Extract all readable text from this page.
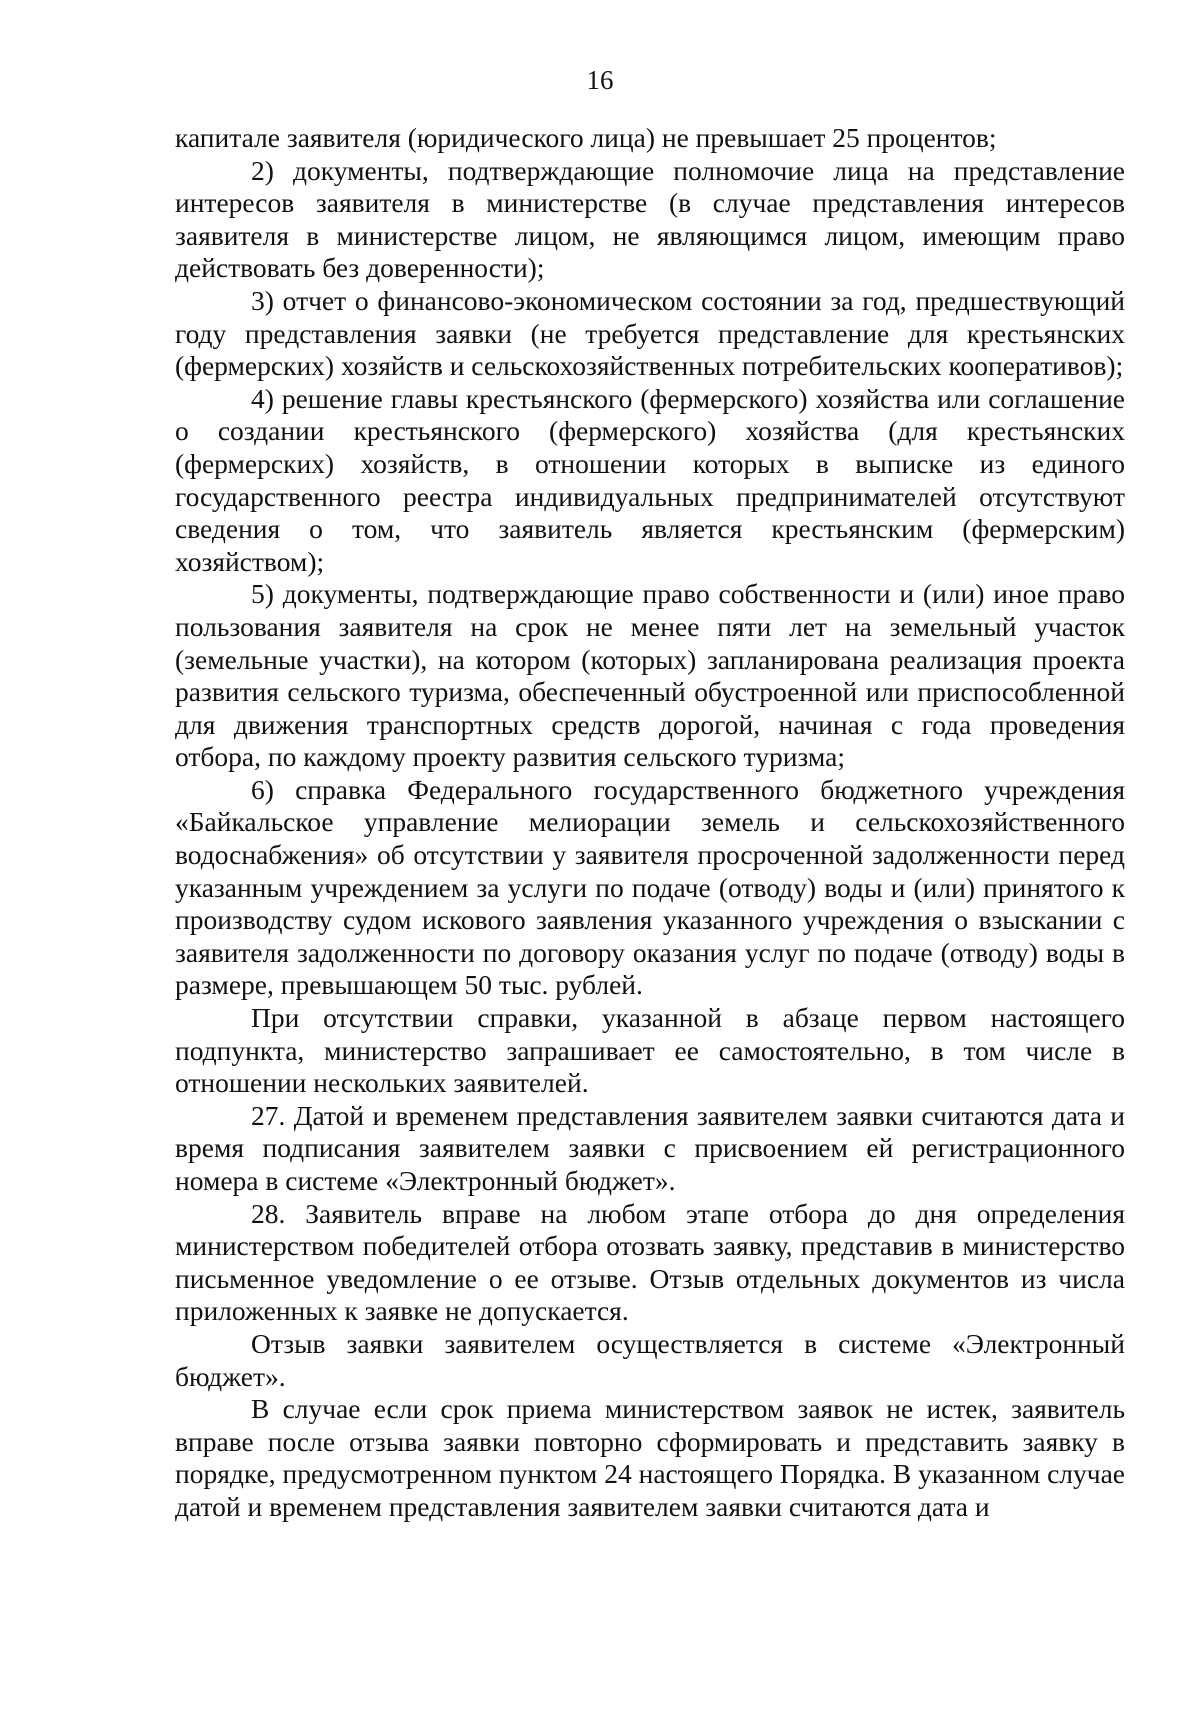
16

капитале заявителя (юридического лица) не превышает 25 процентов;

2) документы, подтверждающие полномочие лица на представление интересов заявителя в министерстве (в случае представления интересов заявителя в министерстве лицом, не являющимся лицом, имеющим право действовать без доверенности);

3) отчет о финансово-экономическом состоянии за год, предшествующий году представления заявки (не требуется представление для крестьянских (фермерских) хозяйств и сельскохозяйственных потребительских кооперативов);

4) решение главы крестьянского (фермерского) хозяйства или соглашение о создании крестьянского (фермерского) хозяйства (для крестьянских (фермерских) хозяйств, в отношении которых в выписке из единого государственного реестра индивидуальных предпринимателей отсутствуют сведения о том, что заявитель является крестьянским (фермерским) хозяйством);

5) документы, подтверждающие право собственности и (или) иное право пользования заявителя на срок не менее пяти лет на земельный участок (земельные участки), на котором (которых) запланирована реализация проекта развития сельского туризма, обеспеченный обустроенной или приспособленной для движения транспортных средств дорогой, начиная с года проведения отбора, по каждому проекту развития сельского туризма;

6) справка Федерального государственного бюджетного учреждения «Байкальское управление мелиорации земель и сельскохозяйственного водоснабжения» об отсутствии у заявителя просроченной задолженности перед указанным учреждением за услуги по подаче (отводу) воды и (или) принятого к производству судом искового заявления указанного учреждения о взыскании с заявителя задолженности по договору оказания услуг по подаче (отводу) воды в размере, превышающем 50 тыс. рублей.

При отсутствии справки, указанной в абзаце первом настоящего подпункта, министерство запрашивает ее самостоятельно, в том числе в отношении нескольких заявителей.

27. Датой и временем представления заявителем заявки считаются дата и время подписания заявителем заявки с присвоением ей регистрационного номера в системе «Электронный бюджет».

28. Заявитель вправе на любом этапе отбора до дня определения министерством победителей отбора отозвать заявку, представив в министерство письменное уведомление о ее отзыве. Отзыв отдельных документов из числа приложенных к заявке не допускается.

Отзыв заявки заявителем осуществляется в системе «Электронный бюджет».

В случае если срок приема министерством заявок не истек, заявитель вправе после отзыва заявки повторно сформировать и представить заявку в порядке, предусмотренном пунктом 24 настоящего Порядка. В указанном случае датой и временем представления заявителем заявки считаются дата и
